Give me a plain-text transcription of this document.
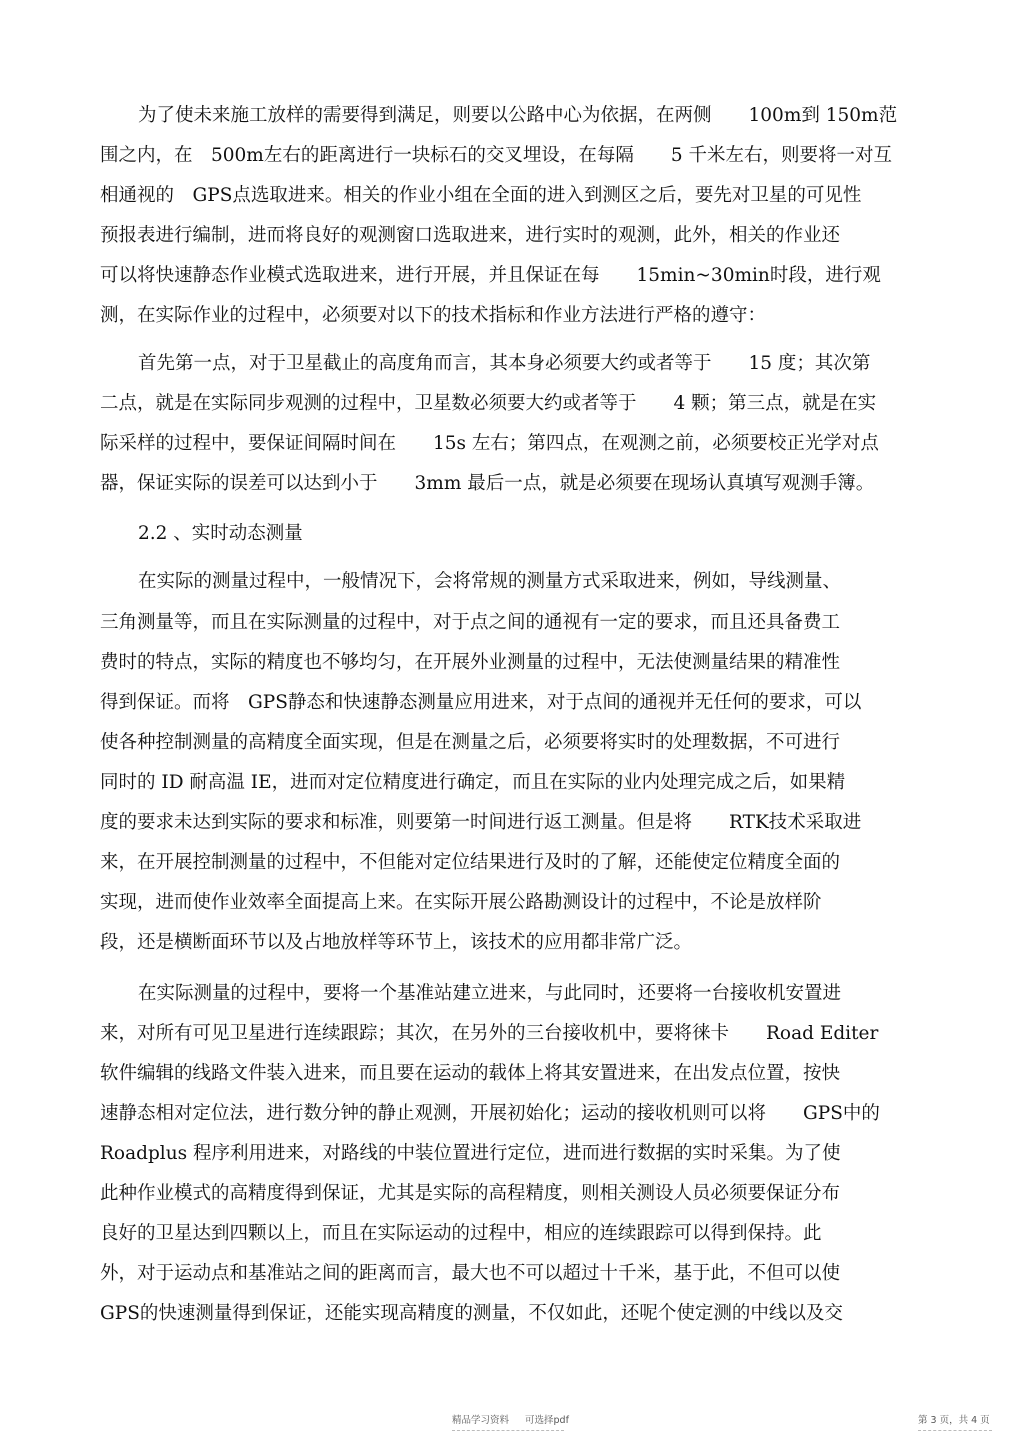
为了使未来施工放样的需要得到满足，则要以公路中心为依据，在两侧　　100m到 150m范
围之内，在　500m左右的距离进行一块标石的交叉埋设，在每隔　　5 千米左右，则要将一对互
相通视的　GPS点选取进来。相关的作业小组在全面的进入到测区之后，要先对卫星的可见性
预报表进行编制，进而将良好的观测窗口选取进来，进行实时的观测，此外，相关的作业还
可以将快速静态作业模式选取进来，进行开展，并且保证在每　　15min~30min时段，进行观
测，在实际作业的过程中，必须要对以下的技术指标和作业方法进行严格的遵守：
首先第一点，对于卫星截止的高度角而言，其本身必须要大约或者等于　　15 度；其次第
二点，就是在实际同步观测的过程中，卫星数必须要大约或者等于　　4 颗；第三点，就是在实
际采样的过程中，要保证间隔时间在　　15s 左右；第四点，在观测之前，必须要校正光学对点
器，保证实际的误差可以达到小于　　3mm 最后一点，就是必须要在现场认真填写观测手簿。
2.2 、实时动态测量
在实际的测量过程中，一般情况下，会将常规的测量方式采取进来，例如，导线测量、
三角测量等，而且在实际测量的过程中，对于点之间的通视有一定的要求，而且还具备费工
费时的特点，实际的精度也不够均匀，在开展外业测量的过程中，无法使测量结果的精准性
得到保证。而将　GPS静态和快速静态测量应用进来，对于点间的通视并无任何的要求，可以
使各种控制测量的高精度全面实现，但是在测量之后，必须要将实时的处理数据，不可进行
同时的 ID 耐高温 IE，进而对定位精度进行确定，而且在实际的业内处理完成之后，如果精
度的要求未达到实际的要求和标准，则要第一时间进行返工测量。但是将　　RTK技术采取进
来，在开展控制测量的过程中，不但能对定位结果进行及时的了解，还能使定位精度全面的
实现，进而使作业效率全面提高上来。在实际开展公路勘测设计的过程中，不论是放样阶
段，还是横断面环节以及占地放样等环节上，该技术的应用都非常广泛。
在实际测量的过程中，要将一个基准站建立进来，与此同时，还要将一台接收机安置进
来，对所有可见卫星进行连续跟踪；其次，在另外的三台接收机中，要将徕卡　　Road Editer
软件编辑的线路文件装入进来，而且要在运动的载体上将其安置进来，在出发点位置，按快
速静态相对定位法，进行数分钟的静止观测，开展初始化；运动的接收机则可以将　　GPS中的
Roadplus 程序利用进来，对路线的中装位置进行定位，进而进行数据的实时采集。为了使
此种作业模式的高精度得到保证，尤其是实际的高程精度，则相关测设人员必须要保证分布
良好的卫星达到四颗以上，而且在实际运动的过程中，相应的连续跟踪可以得到保持。此
外，对于运动点和基准站之间的距离而言，最大也不可以超过十千米，基于此，不但可以使
GPS的快速测量得到保证，还能实现高精度的测量，不仅如此，还呢个使定测的中线以及交
精品学习资料 可选择pdf	第 3 页，共 4 页
